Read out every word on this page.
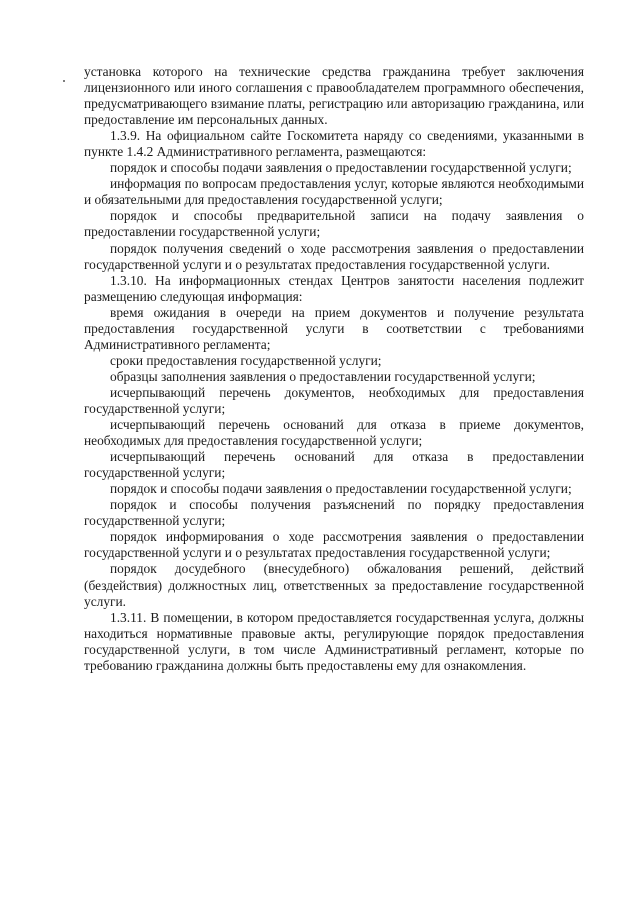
установка которого на технические средства гражданина требует заключения лицензионного или иного соглашения с правообладателем программного обеспечения, предусматривающего взимание платы, регистрацию или авторизацию гражданина, или предоставление им персональных данных.

1.3.9. На официальном сайте Госкомитета наряду со сведениями, указанными в пункте 1.4.2 Административного регламента, размещаются:

порядок и способы подачи заявления о предоставлении государственной услуги;

информация по вопросам предоставления услуг, которые являются необходимыми и обязательными для предоставления государственной услуги;

порядок и способы предварительной записи на подачу заявления о предоставлении государственной услуги;

порядок получения сведений о ходе рассмотрения заявления о предоставлении государственной услуги и о результатах предоставления государственной услуги.

1.3.10. На информационных стендах Центров занятости населения подлежит размещению следующая информация:

время ожидания в очереди на прием документов и получение результата предоставления государственной услуги в соответствии с требованиями Административного регламента;

сроки предоставления государственной услуги;

образцы заполнения заявления о предоставлении государственной услуги;

исчерпывающий перечень документов, необходимых для предоставления государственной услуги;

исчерпывающий перечень оснований для отказа в приеме документов, необходимых для предоставления государственной услуги;

исчерпывающий перечень оснований для отказа в предоставлении государственной услуги;

порядок и способы подачи заявления о предоставлении государственной услуги;

порядок и способы получения разъяснений по порядку предоставления государственной услуги;

порядок информирования о ходе рассмотрения заявления о предоставлении государственной услуги и о результатах предоставления государственной услуги;

порядок досудебного (внесудебного) обжалования решений, действий (бездействия) должностных лиц, ответственных за предоставление государственной услуги.

1.3.11. В помещении, в котором предоставляется государственная услуга, должны находиться нормативные правовые акты, регулирующие порядок предоставления государственной услуги, в том числе Административный регламент, которые по требованию гражданина должны быть предоставлены ему для ознакомления.
